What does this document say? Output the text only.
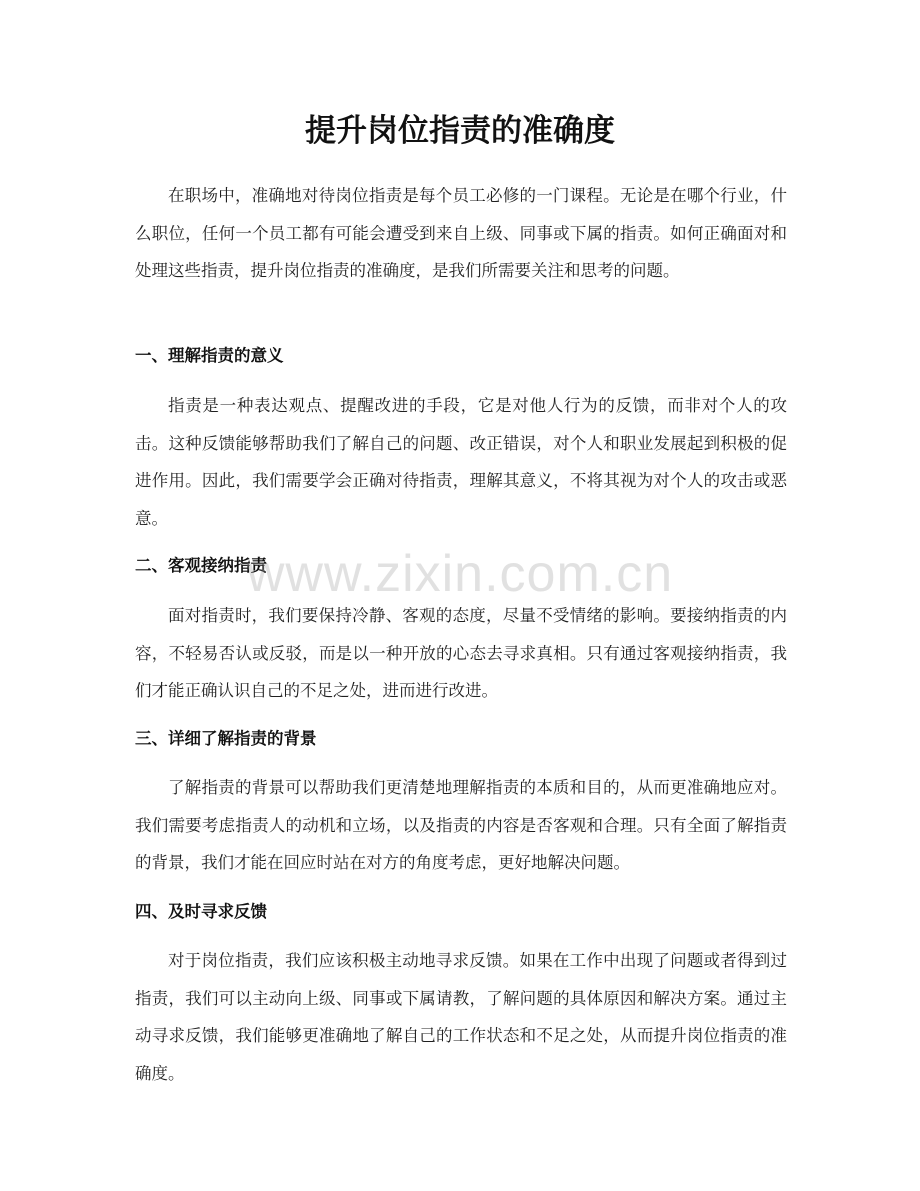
提升岗位指责的准确度

在职场中，准确地对待岗位指责是每个员工必修的一门课程。无论是在哪个行业，什么职位，任何一个员工都有可能会遭受到来自上级、同事或下属的指责。如何正确面对和处理这些指责，提升岗位指责的准确度，是我们所需要关注和思考的问题。

一、理解指责的意义

指责是一种表达观点、提醒改进的手段，它是对他人行为的反馈，而非对个人的攻击。这种反馈能够帮助我们了解自己的问题、改正错误，对个人和职业发展起到积极的促进作用。因此，我们需要学会正确对待指责，理解其意义，不将其视为对个人的攻击或恶意。

二、客观接纳指责

面对指责时，我们要保持冷静、客观的态度，尽量不受情绪的影响。要接纳指责的内容，不轻易否认或反驳，而是以一种开放的心态去寻求真相。只有通过客观接纳指责，我们才能正确认识自己的不足之处，进而进行改进。

三、详细了解指责的背景

了解指责的背景可以帮助我们更清楚地理解指责的本质和目的，从而更准确地应对。我们需要考虑指责人的动机和立场，以及指责的内容是否客观和合理。只有全面了解指责的背景，我们才能在回应时站在对方的角度考虑，更好地解决问题。

四、及时寻求反馈

对于岗位指责，我们应该积极主动地寻求反馈。如果在工作中出现了问题或者得到过指责，我们可以主动向上级、同事或下属请教，了解问题的具体原因和解决方案。通过主动寻求反馈，我们能够更准确地了解自己的工作状态和不足之处，从而提升岗位指责的准确度。

www.zixin.com.cn
